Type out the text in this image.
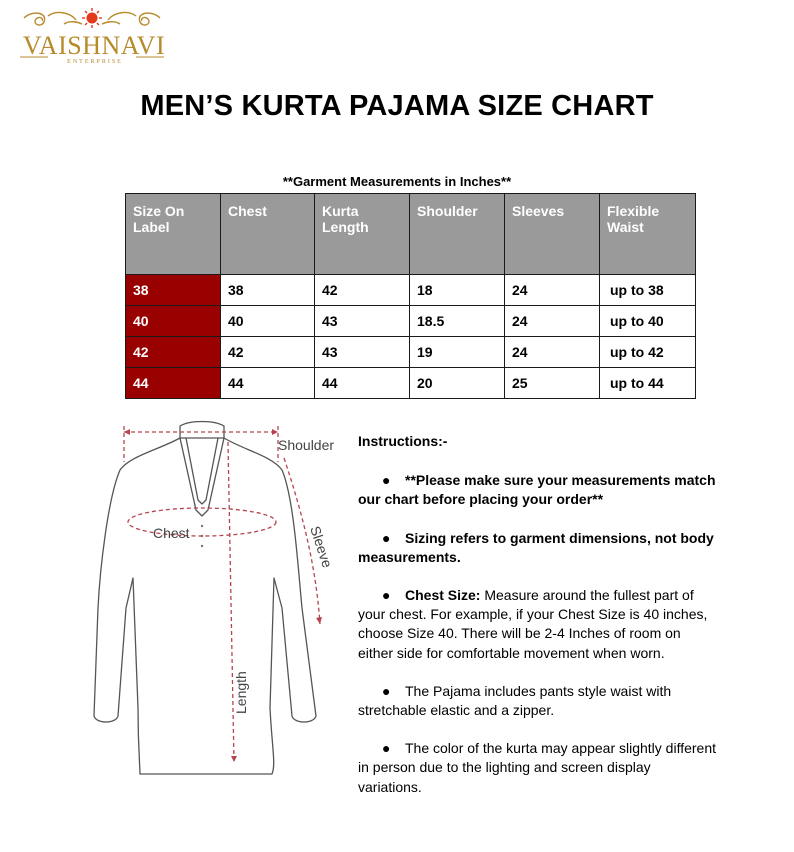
VAISHNAVI
ENTERPRISE
MEN’S KURTA PAJAMA SIZE CHART
**Garment Measurements in Inches**
Size On Label	Chest	Kurta Length	Shoulder	Sleeves	Flexible Waist
38	38	42	18	24	up to 38
40	40	43	18.5	24	up to 40
42	42	43	19	24	up to 42
44	44	44	20	25	up to 44
Shoulder
Chest	Sleeve
Length
Instructions:-
● **Please make sure your measurements match our chart before placing your order**
● Sizing refers to garment dimensions, not body measurements.
● Chest Size: Measure around the fullest part of your chest. For example, if your Chest Size is 40 inches, choose Size 40. There will be 2-4 Inches of room on either side for comfortable movement when worn.
● The Pajama includes pants style waist with stretchable elastic and a zipper.
● The color of the kurta may appear slightly different in person due to the lighting and screen display variations.
